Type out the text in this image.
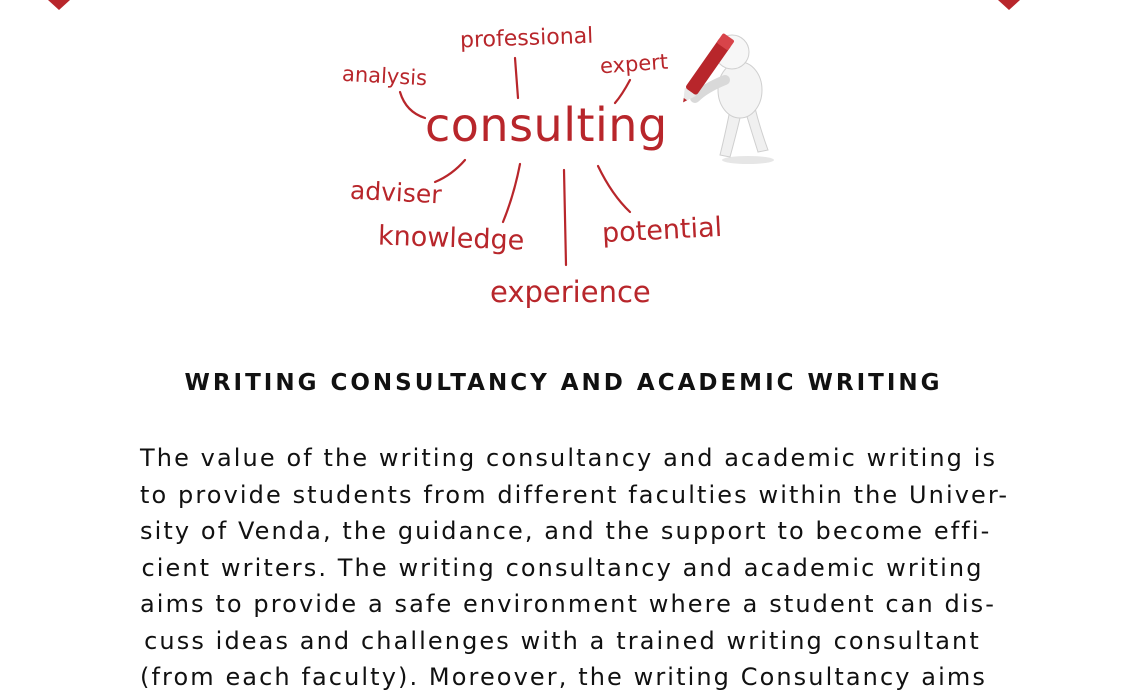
professional
expert
analysis
consulting
adviser
knowledge	potential
experience
WRITING CONSULTANCY AND ACADEMIC WRITING
The value of the writing consultancy and academic writing is
to provide students from different faculties within the Univer-
sity of Venda, the guidance, and the support to become effi-
cient writers. The writing consultancy and academic writing
aims to provide a safe environment where a student can dis-
cuss ideas and challenges with a trained writing consultant
(from each faculty). Moreover, the writing Consultancy aims
